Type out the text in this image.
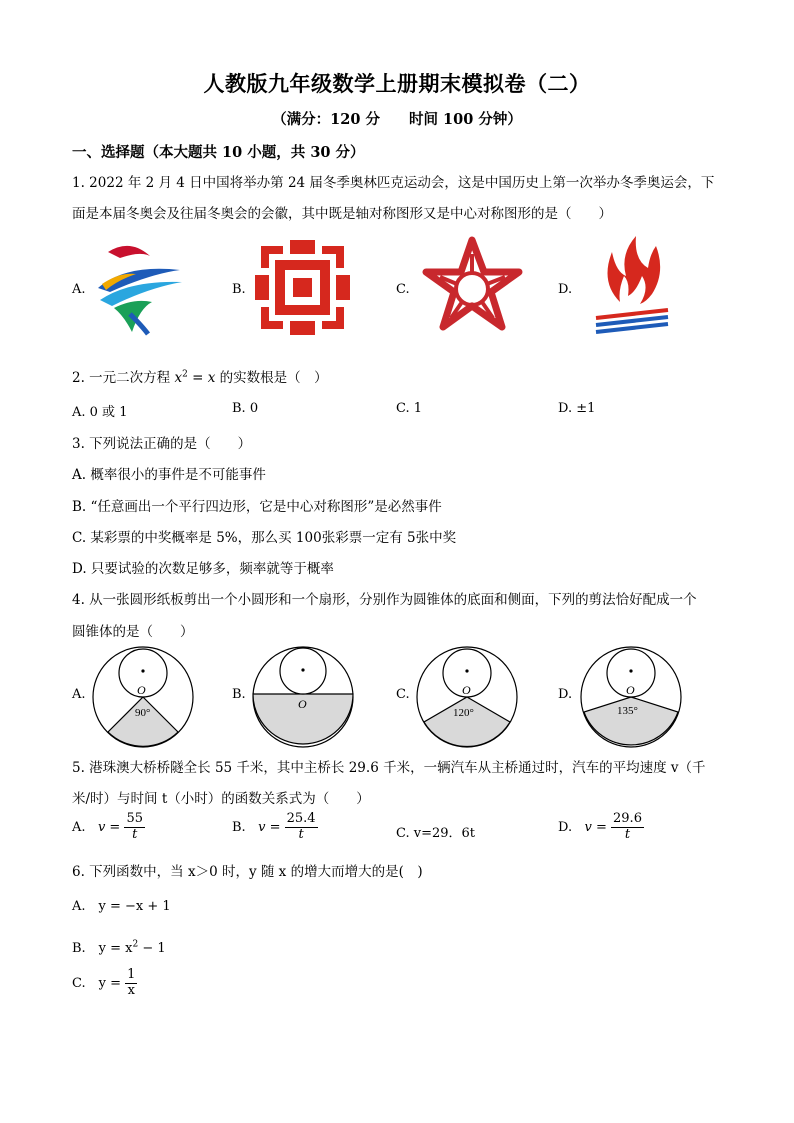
人教版九年级数学上册期末模拟卷（二）
（满分：120 分　　时间 100 分钟）
一、选择题（本大题共 10 小题，共 30 分）
1. 2022 年 2 月 4 日中国将举办第 24 届冬季奥林匹克运动会，这是中国历史上第一次举办冬季奥运会，下
面是本届冬奥会及往届冬奥会的会徽，其中既是轴对称图形又是中心对称图形的是（　　）
A.	B.	C.	D.
2. 一元二次方程 $x^2 = x$ 的实数根是（　）
A. 0 或 1	B. 0	C. 1	D. ±1
3. 下列说法正确的是（　　）
A. 概率很小的事件是不可能事件
B. “任意画出一个平行四边形，它是中心对称图形”是必然事件
C. 某彩票的中奖概率是 5%，那么买 100张彩票一定有 5张中奖
D. 只要试验的次数足够多，频率就等于概率
4. 从一张圆形纸板剪出一个小圆形和一个扇形，分别作为圆锥体的底面和侧面，下列的剪法恰好配成一个
圆锥体的是（　　）
A.	O
90°
B.
O
C.	O
120°
D.	O
135°
5. 港珠澳大桥桥隧全长 55 千米，其中主桥长 29.6 千米，一辆汽车从主桥通过时，汽车的平均速度 v（千
米/时）与时间 t（小时）的函数关系式为（　　）
A. $v = \frac{55}{t}$	B. $v = \frac{25.4}{t}$	C. v=29．6t	D. $v = \frac{29.6}{t}$
6. 下列函数中，当 x＞0 时，y 随 x 的增大而增大的是(　)
A.　y = −x + 1
B.　$y = x^2 - 1$
C.　$y = \frac{1}{x}$
